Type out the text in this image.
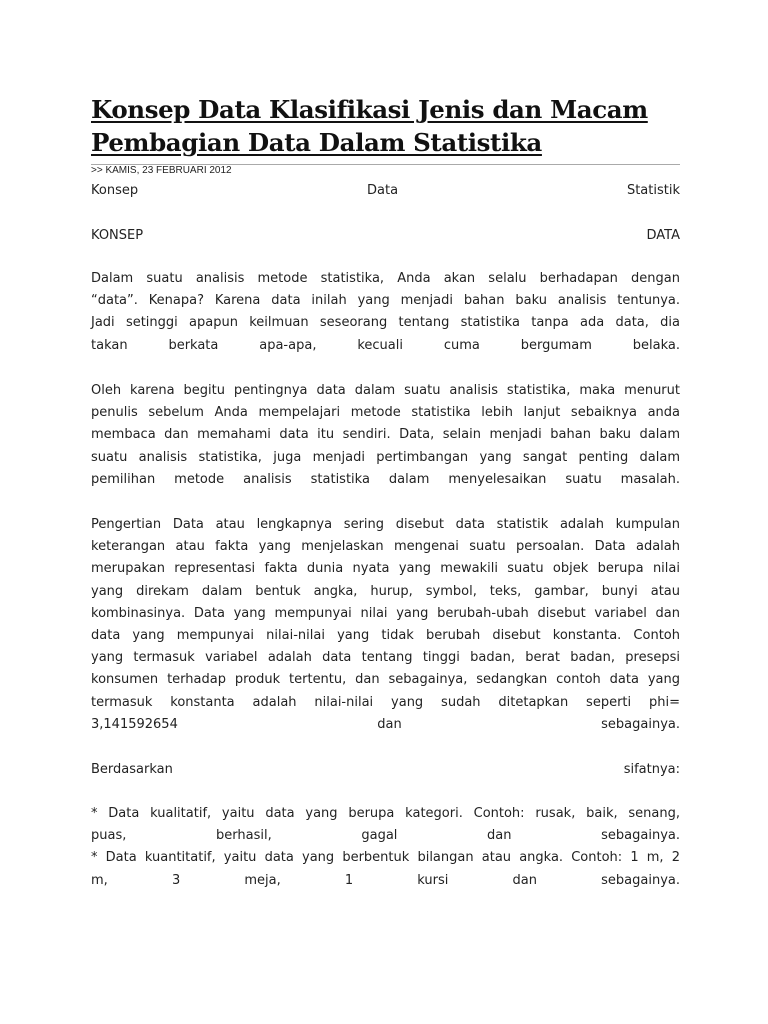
Konsep Data Klasifikasi Jenis dan Macam
Pembagian Data Dalam Statistika
>> KAMIS, 23 FEBRUARI 2012
Konsep	Data	Statistik
KONSEP	DATA
Dalam suatu analisis metode statistika, Anda akan selalu berhadapan dengan
“data”. Kenapa? Karena data inilah yang menjadi bahan baku analisis tentunya.
Jadi setinggi apapun keilmuan seseorang tentang statistika tanpa ada data, dia
takan berkata apa-apa, kecuali cuma bergumam belaka.
Oleh karena begitu pentingnya data dalam suatu analisis statistika, maka menurut
penulis sebelum Anda mempelajari metode statistika lebih lanjut sebaiknya anda
membaca dan memahami data itu sendiri. Data, selain menjadi bahan baku dalam
suatu analisis statistika, juga menjadi pertimbangan yang sangat penting dalam
pemilihan metode analisis statistika dalam menyelesaikan suatu masalah.
Pengertian Data atau lengkapnya sering disebut data statistik adalah kumpulan
keterangan atau fakta yang menjelaskan mengenai suatu persoalan. Data adalah
merupakan representasi fakta dunia nyata yang mewakili suatu objek berupa nilai
yang direkam dalam bentuk angka, hurup, symbol, teks, gambar, bunyi atau
kombinasinya. Data yang mempunyai nilai yang berubah-ubah disebut variabel dan
data yang mempunyai nilai-nilai yang tidak berubah disebut konstanta. Contoh
yang termasuk variabel adalah data tentang tinggi badan, berat badan, presepsi
konsumen terhadap produk tertentu, dan sebagainya, sedangkan contoh data yang
termasuk konstanta adalah nilai-nilai yang sudah ditetapkan seperti phi=
3,141592654 dan sebagainya.
Berdasarkan	sifatnya:
* Data kualitatif, yaitu data yang berupa kategori. Contoh: rusak, baik, senang,
puas, berhasil, gagal dan sebagainya.
* Data kuantitatif, yaitu data yang berbentuk bilangan atau angka. Contoh: 1 m, 2
m, 3 meja, 1 kursi dan sebagainya.
